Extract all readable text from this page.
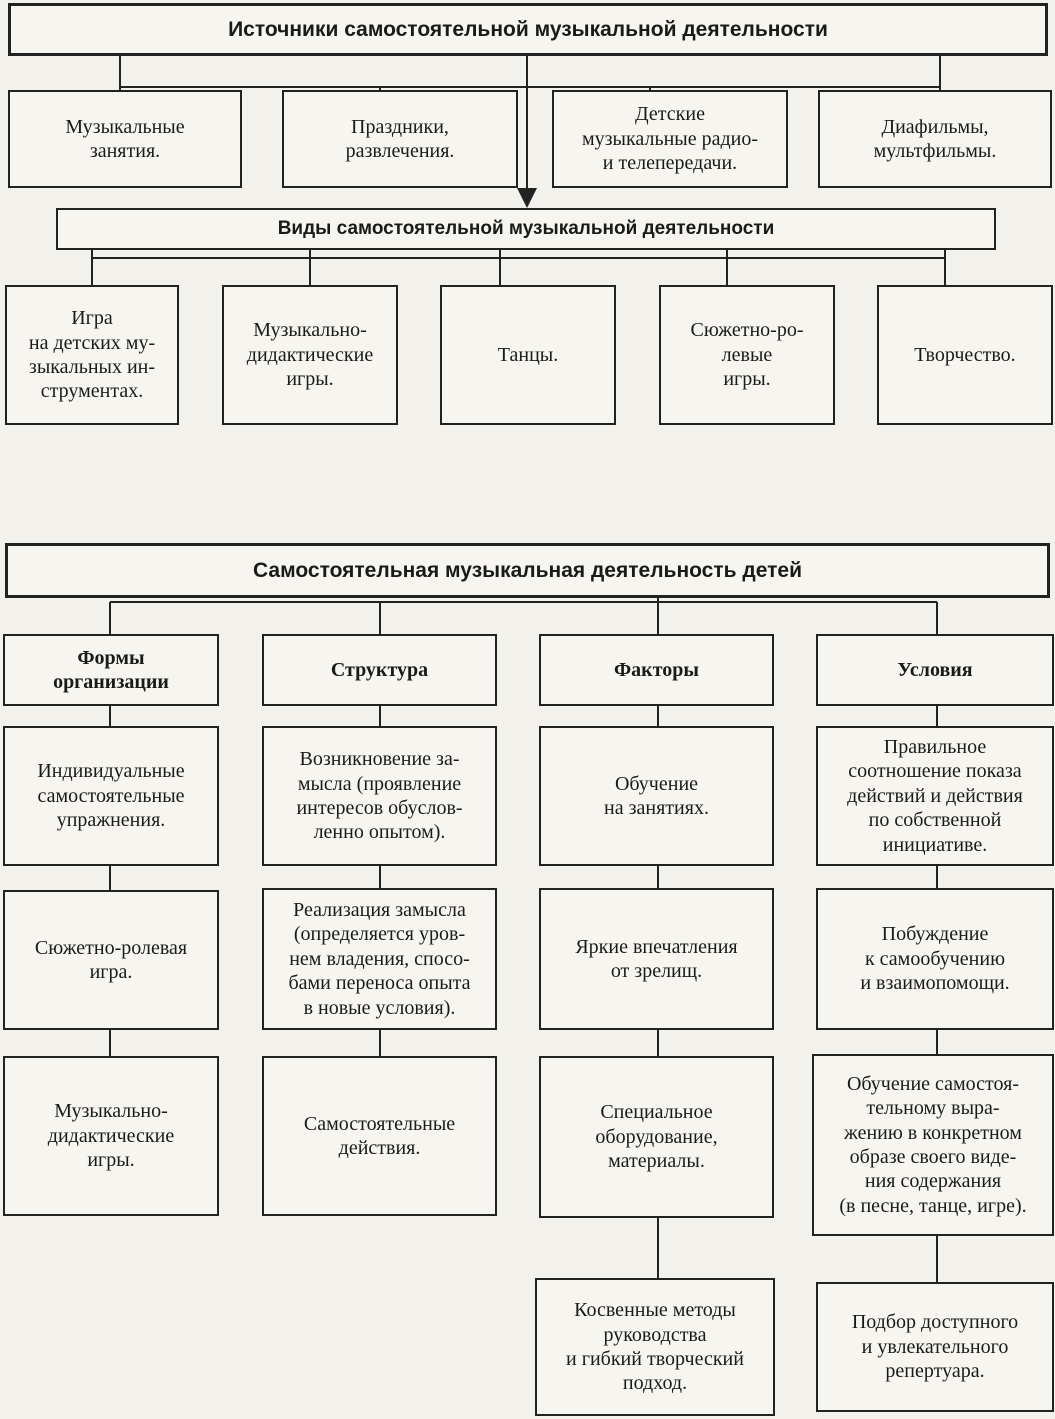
Источники самостоятельной музыкальной деятельности
Музыкальные
занятия.
Праздники,
развлечения.
Детские
музыкальные радио-
и телепередачи.
Диафильмы,
мультфильмы.
Виды самостоятельной музыкальной деятельности
Игра
на детских му-
зыкальных ин-
струментах.
Музыкально-
дидактические
игры.
Танцы.
Сюжетно-ро-
левые
игры.
Творчество.
Самостоятельная музыкальная деятельность детей
Формы
организации
Структура	Факторы	Условия
Индивидуальные
самостоятельные
упражнения.
Сюжетно-ролевая
игра.
Музыкально-
дидактические
игры.
Возникновение за-
мысла (проявление
интересов обуслов-
ленно опытом).
Реализация замысла
(определяется уров-
нем владения, спосо-
бами переноса опыта
в новые условия).
Самостоятельные
действия.
Обучение
на занятиях.
Яркие впечатления
от зрелищ.
Специальное
оборудование,
материалы.
Косвенные методы
руководства
и гибкий творческий
подход.
Правильное
соотношение показа
действий и действия
по собственной
инициативе.
Побуждение
к самообучению
и взаимопомощи.
Обучение самостоя-
тельному выра-
жению в конкретном
образе своего виде-
ния содержания
(в песне, танце, игре).
Подбор доступного
и увлекательного
репертуара.
